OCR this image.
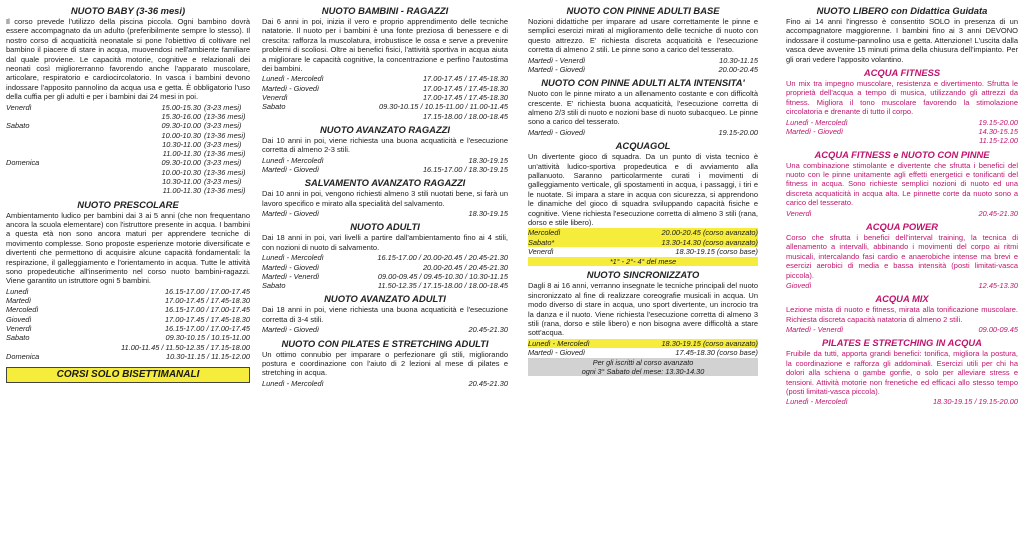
NUOTO BABY (3-36 mesi)

Il corso prevede l'utilizzo della piscina piccola. Ogni bambino dovrà essere accompagnato da un adulto (preferibilmente sempre lo stesso). Il nostro corso di acquaticità neonatale si pone l'obiettivo di coltivare nel bambino il piacere di stare in acqua, muovendosi nell'ambiente familiare dal quale proviene. Le capacità motorie, cognitive e relazionali dei neonati così migliorerranno favorendo anche l'apparato muscolare, articolare, respiratorio e cardiocircolatorio. In vasca i bambini devono indossare l'apposito pannolino da acqua usa e getta. È obbligatorio l'uso della cuffia per gli adulti e per i bambini dai 24 mesi in poi.

Venerdì	15.00-15.30 (3-23 mesi)
15.30-16.00 (13-36 mesi)
Sabato	09.30-10.00 (3-23 mesi)
10.00-10.30 (13-36 mesi)
10.30-11.00 (3-23 mesi)
11.00-11.30 (13-36 mesi)
Domenica	09.30-10.00 (3-23 mesi)
10.00-10.30 (13-36 mesi)
10.30-11.00 (3-23 mesi)
11.00-11.30 (13-36 mesi)
NUOTO PRESCOLARE

Ambientamento ludico per bambini dai 3 ai 5 anni (che non frequentano ancora la scuola elementare) con l'istruttore presente in acqua. I bambini a questa età non sono ancora maturi per apprendere tecniche di movimento complesse. Sono proposte esperienze motorie diversificate e divertenti che permettono di acquisire alcune capacità fondamentali: la respirazione, il galleggiamento e l'orientamento in acqua. Tutte le attività sono propedeutiche all'inserimento nel corso nuoto bambini-ragazzi. Viene garantito un istruttore ogni 5 bambini.

Lunedì	16.15-17.00 / 17.00-17.45
Martedì	17.00-17.45 / 17.45-18.30
Mercoledì	16.15-17.00 / 17.00-17.45
Giovedì	17.00-17.45 / 17.45-18.30
Venerdì	16.15-17.00 / 17.00-17.45
Sabato	09.30-10.15 / 10.15-11.00
11.00-11.45 / 11.50-12.35 / 17.15-18.00
Domenica	10.30-11.15 / 11.15-12.00
CORSI SOLO BISETTIMANALI
NUOTO BAMBINI - RAGAZZI

Dai 6 anni in poi, inizia il vero e proprio apprendimento delle tecniche natatorie. Il nuoto per i bambini è una fonte preziosa di benessere e di crescita: rafforza la muscolatura, irrobustisce le ossa e serve a prevenire problemi di scoliosi. Oltre ai benefici fisici, l'attività sportiva in acqua aiuta a migliorare le capacità cognitive, la concentrazione e perfino l'autostima dei bambini.

Lunedì - Mercoledì	17.00-17.45 / 17.45-18.30
Martedì - Giovedì	17.00-17.45 / 17.45-18.30
Venerdì	17.00-17.45 / 17.45-18.30
Sabato	09.30-10.15 / 10.15-11.00 / 11.00-11.45
17.15-18.00 / 18.00-18.45
NUOTO AVANZATO RAGAZZI

Dai 10 anni in poi, viene richiesta una buona acquaticità e l'esecuzione corretta di almeno 2-3 stili.

Lunedì - Mercoledì	18.30-19.15
Martedì - Giovedì	16.15-17.00 / 18.30-19.15
SALVAMENTO AVANZATO RAGAZZI

Dai 10 anni in poi, vengono richiesti almeno 3 stili nuotati bene, si farà un lavoro specifico e mirato alla specialità del salvamento.

Martedì - Giovedì	18.30-19.15
NUOTO ADULTI

Dai 18 anni in poi, vari livelli a partire dall'ambientamento fino ai 4 stili, con nozioni di nuoto di salvamento.

Lunedì - Mercoledì	16.15-17.00 / 20.00-20.45 / 20.45-21.30
Martedì - Giovedì	20.00-20.45 / 20.45-21.30
Martedì - Venerdì	09.00-09.45 / 09.45-10.30 / 10.30-11.15
Sabato	11.50-12.35 / 17.15-18.00 / 18.00-18.45
NUOTO AVANZATO ADULTI

Dai 18 anni in poi, viene richiesta una buona acquaticità e l'esecuzione corretta di 3-4 stili.

Martedì - Giovedì	20.45-21.30
NUOTO CON PILATES E STRETCHING ADULTI

Un ottimo connubio per imparare o perfezionare gli stili, migliorando postura e coordinazione con l'aiuto di 2 lezioni al mese di pilates e stretching in acqua.

Lunedì - Mercoledì	20.45-21.30
NUOTO CON PINNE ADULTI BASE

Nozioni didattiche per imparare ad usare correttamente le pinne e semplici esercizi mirati al miglioramento delle tecniche di nuoto con questo attrezzo. E' richiesta discreta acquaticità e l'esecuzione corretta di almeno 2 stili. Le pinne sono a carico del tesserato.

Martedì - Venerdì	10.30-11.15
Martedì - Giovedì	20.00-20.45
NUOTO CON PINNE ADULTI ALTA INTENSITA'

Nuoto con le pinne mirato a un allenamento costante e con difficoltà crescente. E' richiesta buona acquaticità, l'esecuzione corretta di almeno 2/3 stili di nuoto e nozioni base di nuoto subacqueo. Le pinne sono a carico del tesserato.

Martedì - Giovedì	19.15-20.00
ACQUAGOL

Un divertente gioco di squadra. Da un punto di vista tecnico è un'attività ludico-sportiva propedeutica e di avviamento alla pallanuoto. Saranno particolarmente curati i movimenti di galleggiamento verticale, gli spostamenti in acqua, i passaggi, i tiri e le nuotate. Si impara a stare in acqua con sicurezza, si apprendono le dinamiche del gioco di squadra sviluppando capacità fisiche e cognitive. Viene richiesta l'esecuzione corretta di almeno 3 stili (rana, dorso e stile libero).

Mercoledì	20.00-20.45 (corso avanzato)
Sabato*	13.30-14.30 (corso avanzato)
Venerdì	18.30-19.15 (corso base)
*1° - 2°- 4° del mese
NUOTO SINCRONIZZATO

Dagli 8 ai 16 anni, verranno insegnate le tecniche principali del nuoto sincronizzato al fine di realizzare coreografie musicali in acqua. Un modo diverso di stare in acqua, uno sport divertente, un incrocio tra la danza e il nuoto. Viene richiesta l'esecuzione corretta di almeno 3 stili (rana, dorso e stile libero) e non bisogna avere difficoltà a stare sott'acqua.

Lunedì - Mercoledì	18.30-19.15 (corso avanzato)
Martedì - Giovedì	17.45-18.30 (corso base)
Per gli iscritti al corso avanzato
ogni 3° Sabato del mese: 13.30-14.30
NUOTO LIBERO con Didattica Guidata

Fino ai 14 anni l'ingresso è consentito SOLO in presenza di un accompagnatore maggiorenne. I bambini fino ai 3 anni DEVONO indossare il costume-pannolino usa e getta. Attenzione! L'uscita dalla vasca deve avvenire 15 minuti prima della chiusura dell'impianto. Per gli orari vedere l'apposito volantino.

ACQUA FITNESS

Un mix tra impegno muscolare, resistenza e divertimento. Sfrutta le proprietà dell'acqua a tempo di musica, utilizzando gli attrezzi da fitness. Migliora il tono muscolare favorendo la stimolazione circolatoria e drenante di tutto il corpo.

Lunedì - Mercoledì	19.15-20.00
Martedì - Giovedì	14.30-15.15
11.15-12.00
ACQUA FITNESS e NUOTO CON PINNE

Una combinazione stimolante e divertente che sfrutta i benefici del nuoto con le pinne unitamente agli effetti energetici e tonificanti del fitness in acqua. Sono richieste semplici nozioni di nuoto ed una discreta acquaticità in acqua alta. Le pinnette corte da nuoto sono a carico del tesserato.

Venerdì	20.45-21.30
ACQUA POWER

Corso che sfrutta i benefici dell'interval training, la tecnica di allenamento a intervalli, abbinando i movimenti del corpo ai ritmi musicali, intercalando fasi cardio e anaerobiche intense ma brevi e esercizi aerobici di media e bassa intensità (posti limitati-vasca piccola).

Giovedì	12.45-13.30
ACQUA MIX

Lezione mista di nuoto e fitness, mirata alla tonificazione muscolare. Richiesta discreta capacità natatoria di almeno 2 stili.

Martedì - Venerdì	09.00-09.45
PILATES E STRETCHING IN ACQUA

Fruibile da tutti, apporta grandi benefici: tonifica, migliora la postura, la coordinazione e rafforza gli addominali. Esercizi utili per chi ha dolori alla schiena o gambe gonfie, o solo per alleviare stress e tensioni. Attività motorie non frenetiche ed efficaci allo stesso tempo (posti limitati-vasca piccola).

Lunedì - Mercoledì	18.30-19.15 / 19.15-20.00
